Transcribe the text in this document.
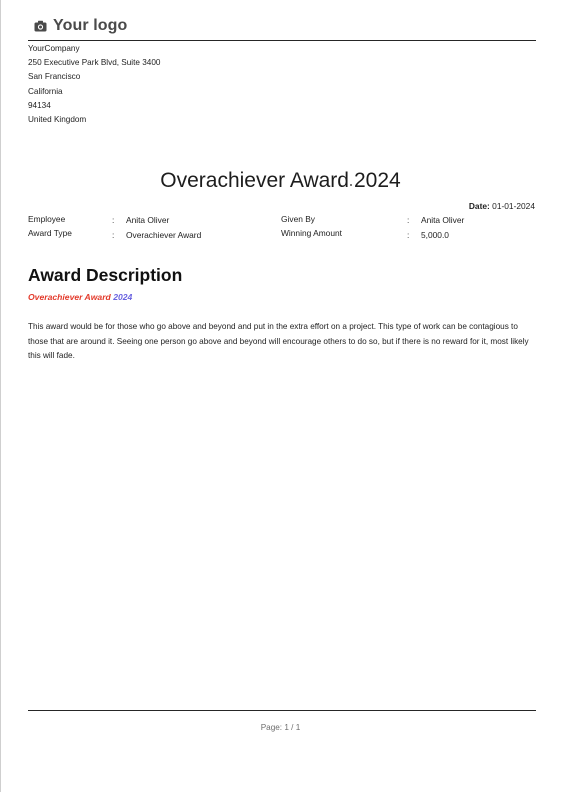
Your logo
YourCompany
250 Executive Park Blvd, Suite 3400
San Francisco
California
94134
United Kingdom
Overachiever Award 2024
Date: 01-01-2024
Employee	: Anita Oliver
Award Type	: Overachiever Award
Given By	: Anita Oliver
Winning Amount	: 5,000.0
Award Description
Overachiever Award 2024
This award would be for those who go above and beyond and put in the extra effort on a project. This type of work can be contagious to those that are around it. Seeing one person go above and beyond will encourage others to do so, but if there is no reward for it, most likely this will fade.
Page: 1 / 1
